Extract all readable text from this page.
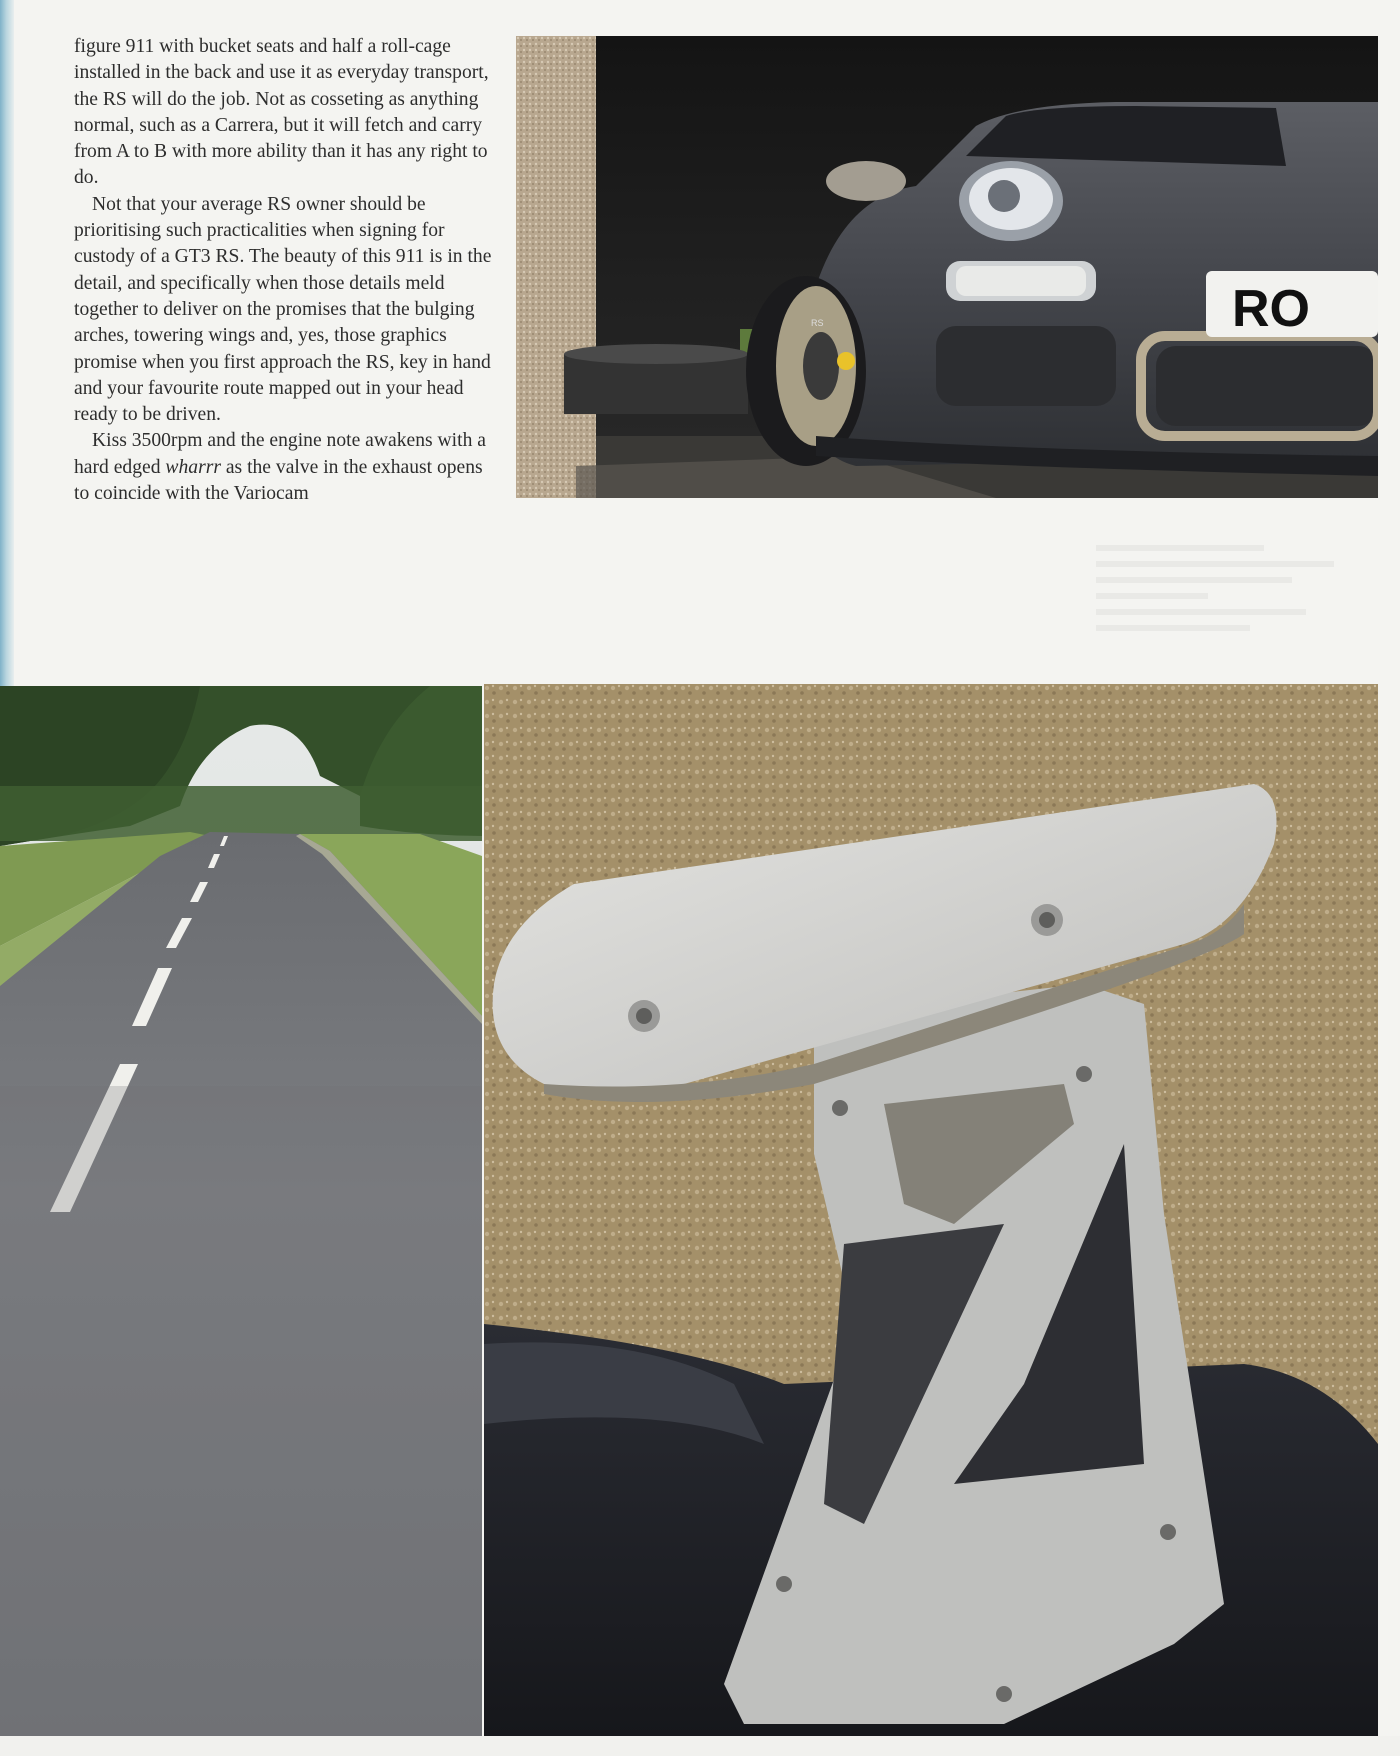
figure 911 with bucket seats and half a roll-cage installed in the back and use it as everyday transport, the RS will do the job. Not as cosseting as anything normal, such as a Carrera, but it will fetch and carry from A to B with more ability than it has any right to do.

Not that your average RS owner should be prioritising such practicalities when signing for custody of a GT3 RS. The beauty of this 911 is in the detail, and specifically when those details meld together to deliver on the promises that the bulging arches, towering wings and, yes, those graphics promise when you first approach the RS, key in hand and your favourite route mapped out in your head ready to be driven.

Kiss 3500rpm and the engine note awakens with a hard edged wharrr as the valve in the exhaust opens to coincide with the Variocam

RO
RS
